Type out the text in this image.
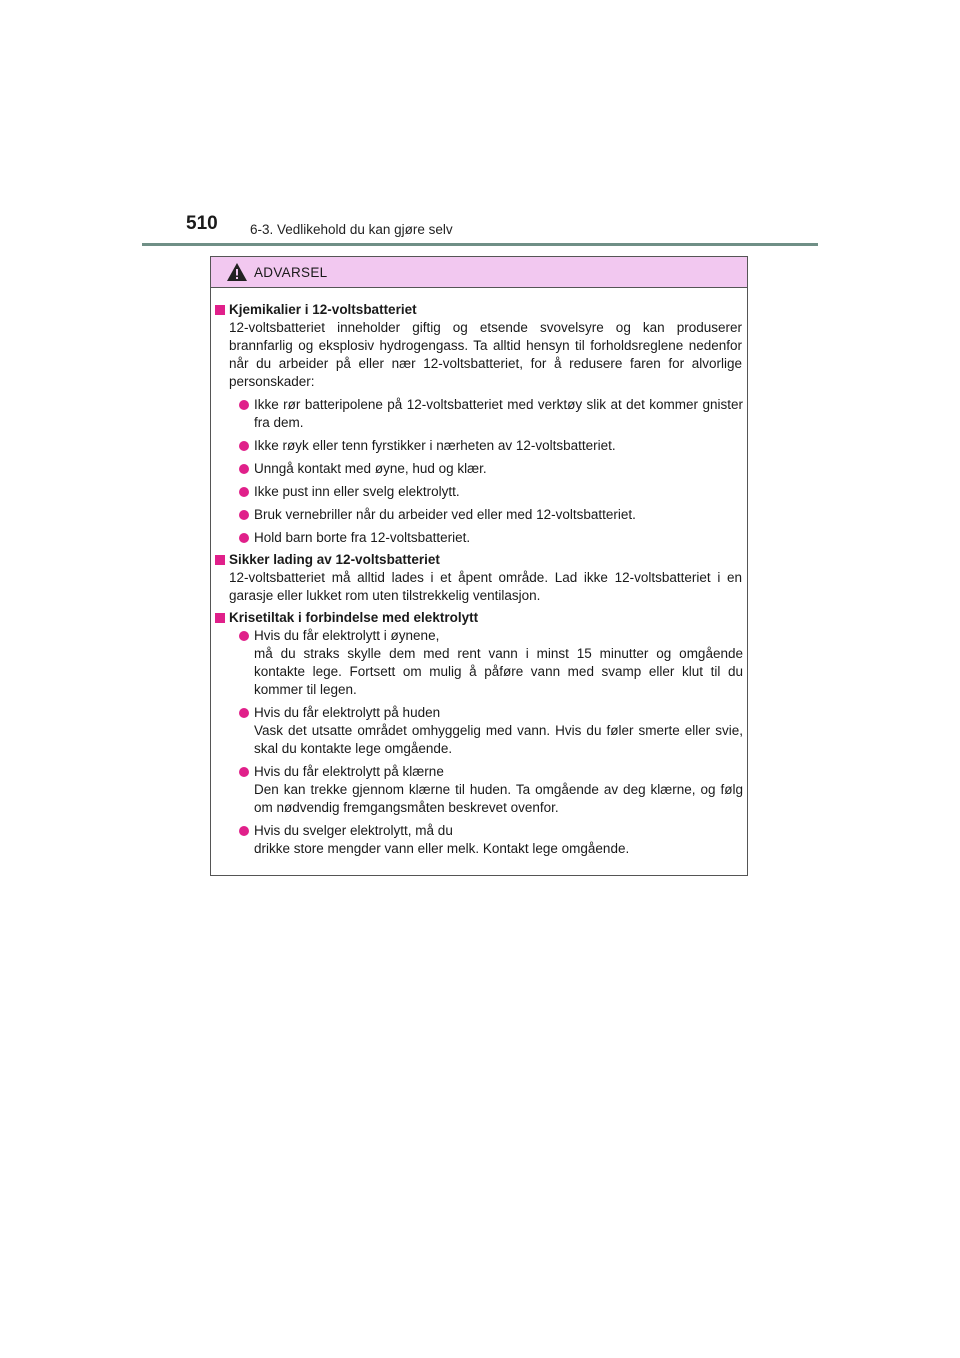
510 6-3. Vedlikehold du kan gjøre selv
ADVARSEL
Kjemikalier i 12-voltsbatteriet
12-voltsbatteriet inneholder giftig og etsende svovelsyre og kan produserer brannfarlig og eksplosiv hydrogengass. Ta alltid hensyn til forholdsreglene nedenfor når du arbeider på eller nær 12-voltsbatteriet, for å redusere faren for alvorlige personskader:
Ikke rør batteripolene på 12-voltsbatteriet med verktøy slik at det kommer gnister fra dem.
Ikke røyk eller tenn fyrstikker i nærheten av 12-voltsbatteriet.
Unngå kontakt med øyne, hud og klær.
Ikke pust inn eller svelg elektrolytt.
Bruk vernebriller når du arbeider ved eller med 12-voltsbatteriet.
Hold barn borte fra 12-voltsbatteriet.
Sikker lading av 12-voltsbatteriet
12-voltsbatteriet må alltid lades i et åpent område. Lad ikke 12-voltsbatteriet i en garasje eller lukket rom uten tilstrekkelig ventilasjon.
Krisetiltak i forbindelse med elektrolytt
Hvis du får elektrolytt i øynene,
må du straks skylle dem med rent vann i minst 15 minutter og omgående kontakte lege. Fortsett om mulig å påføre vann med svamp eller klut til du kommer til legen.
Hvis du får elektrolytt på huden
Vask det utsatte området omhyggelig med vann. Hvis du føler smerte eller svie, skal du kontakte lege omgående.
Hvis du får elektrolytt på klærne
Den kan trekke gjennom klærne til huden. Ta omgående av deg klærne, og følg om nødvendig fremgangsmåten beskrevet ovenfor.
Hvis du svelger elektrolytt, må du
drikke store mengder vann eller melk. Kontakt lege omgående.
